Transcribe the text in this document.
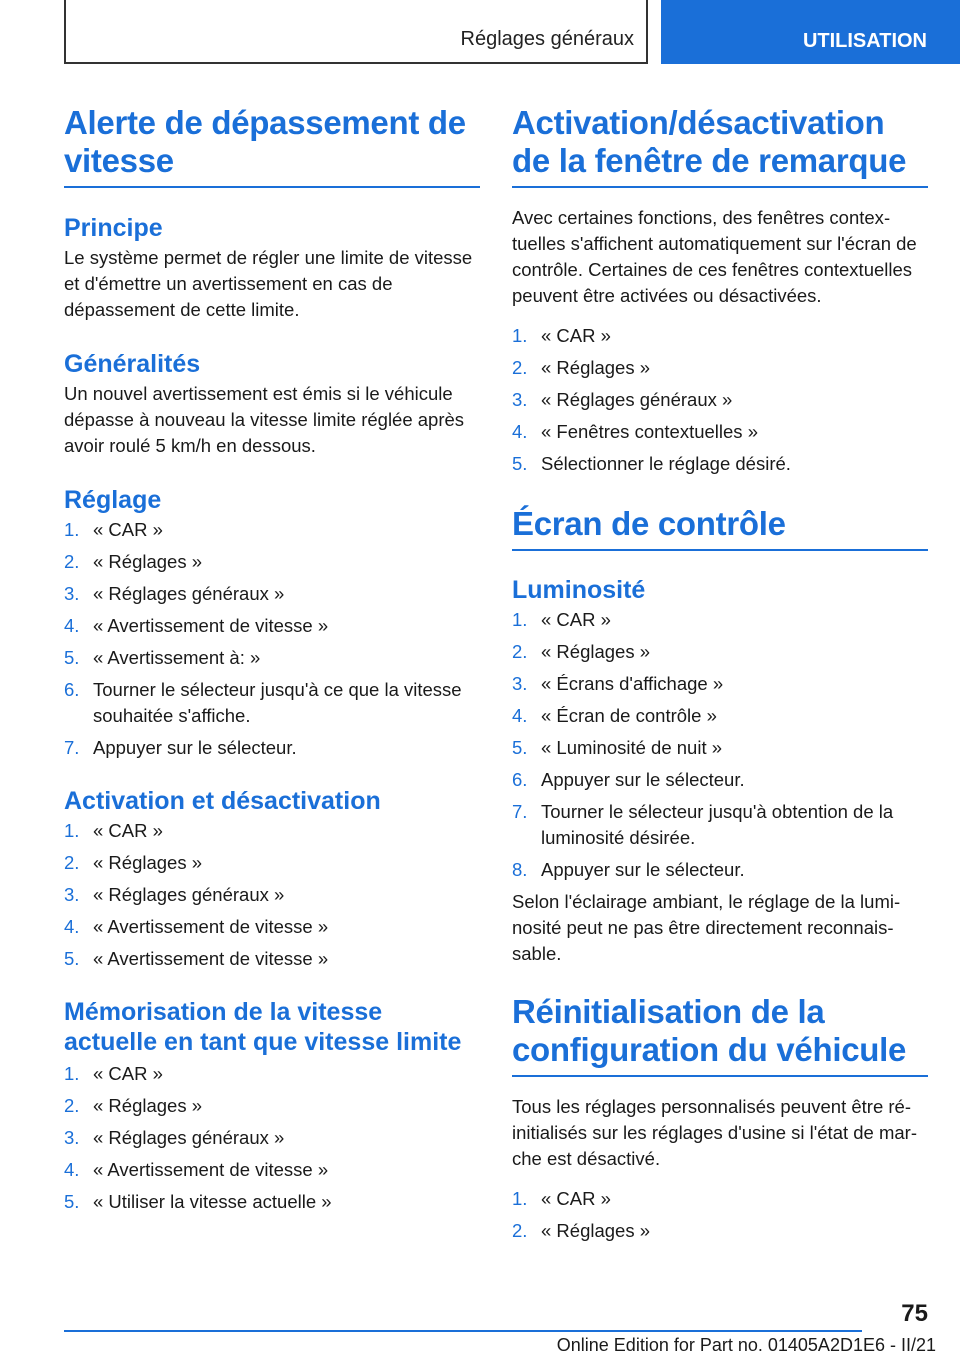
Réglages généraux	UTILISATION
Alerte de dépassement de vitesse
Principe

Le système permet de régler une limite de vitesse et d'émettre un avertissement en cas de dépassement de cette limite.

Généralités

Un nouvel avertissement est émis si le véhicule dépasse à nouveau la vitesse limite réglée après avoir roulé 5 km/h en dessous.

Réglage
1. « CAR »
2. « Réglages »
3. « Réglages généraux »
4. « Avertissement de vitesse »
5. « Avertissement à: »
6. Tourner le sélecteur jusqu'à ce que la vitesse souhaitée s'affiche.
7. Appuyer sur le sélecteur.
Activation et désactivation
1. « CAR »
2. « Réglages »
3. « Réglages généraux »
4. « Avertissement de vitesse »
5. « Avertissement de vitesse »
Mémorisation de la vitesse actuelle en tant que vitesse limite
1. « CAR »
2. « Réglages »
3. « Réglages généraux »
4. « Avertissement de vitesse »
5. « Utiliser la vitesse actuelle »
Activation/désactivation de la fenêtre de remarque

Avec certaines fonctions, des fenêtres contextuelles s'affichent automatiquement sur l'écran de contrôle. Certaines de ces fenêtres contextuelles peuvent être activées ou désactivées.

1. « CAR »
2. « Réglages »
3. « Réglages généraux »
4. « Fenêtres contextuelles »
5. Sélectionner le réglage désiré.
Écran de contrôle
Luminosité
1. « CAR »
2. « Réglages »
3. « Écrans d'affichage »
4. « Écran de contrôle »
5. « Luminosité de nuit »
6. Appuyer sur le sélecteur.
7. Tourner le sélecteur jusqu'à obtention de la luminosité désirée.
8. Appuyer sur le sélecteur.

Selon l'éclairage ambiant, le réglage de la luminosité peut ne pas être directement reconnaissable.

Réinitialisation de la configuration du véhicule

Tous les réglages personnalisés peuvent être réinitialisés sur les réglages d'usine si l'état de marche est désactivé.

1. « CAR »
2. « Réglages »
75
Online Edition for Part no. 01405A2D1E6 - II/21
